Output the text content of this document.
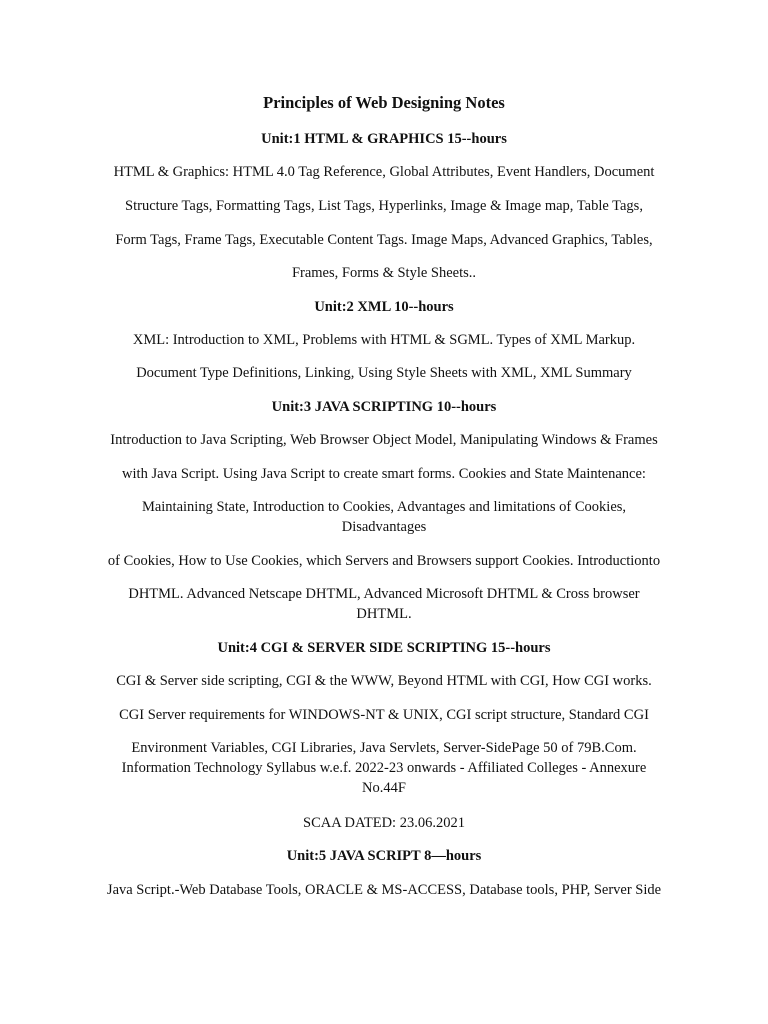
Principles of Web Designing Notes
Unit:1 HTML & GRAPHICS 15--hours
HTML & Graphics: HTML 4.0 Tag Reference, Global Attributes, Event Handlers, Document
Structure Tags, Formatting Tags, List Tags, Hyperlinks, Image & Image map, Table Tags,
Form Tags, Frame Tags, Executable Content Tags. Image Maps, Advanced Graphics, Tables,
Frames, Forms & Style Sheets..
Unit:2 XML 10--hours
XML: Introduction to XML, Problems with HTML & SGML. Types of XML Markup.
Document Type Definitions, Linking, Using Style Sheets with XML, XML Summary
Unit:3 JAVA SCRIPTING 10--hours
Introduction to Java Scripting, Web Browser Object Model, Manipulating Windows & Frames
with Java Script. Using Java Script to create smart forms. Cookies and State Maintenance:
Maintaining State, Introduction to Cookies, Advantages and limitations of Cookies, Disadvantages
of Cookies, How to Use Cookies, which Servers and Browsers support Cookies. Introductionto
DHTML. Advanced Netscape DHTML, Advanced Microsoft DHTML & Cross browser DHTML.
Unit:4 CGI & SERVER SIDE SCRIPTING 15--hours
CGI & Server side scripting, CGI & the WWW, Beyond HTML with CGI, How CGI works.
CGI Server requirements for WINDOWS-NT & UNIX, CGI script structure, Standard CGI
Environment Variables, CGI Libraries, Java Servlets, Server-SidePage 50 of 79B.Com. Information Technology Syllabus w.e.f. 2022-23 onwards - Affiliated Colleges - Annexure No.44F
SCAA DATED: 23.06.2021
Unit:5 JAVA SCRIPT 8—hours
Java Script.-Web Database Tools, ORACLE & MS-ACCESS, Database tools, PHP, Server Side
